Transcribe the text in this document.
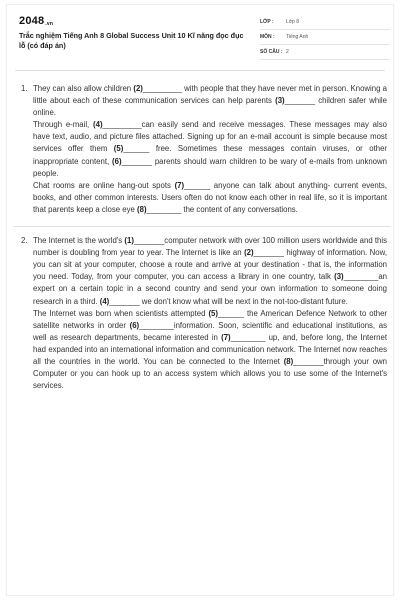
2048.vn
Trắc nghiệm Tiếng Anh 8 Global Success Unit 10 Kĩ năng đọc đục lỗ (có đáp án)
LỚP :	Lớp 8
MÔN :	Tiếng Anh
SỐ CÂU : 2
1. They can also allow children (2)_________ with people that they have never met in person. Knowing a little about each of these communication services can help parents (3)_______ children safer while online.

Through e-mail, (4)_________can easily send and receive messages. These messages may also have text, audio, and picture files attached. Signing up for an e-mail account is simple because most services offer them (5)______ free. Sometimes these messages contain viruses, or other inappropriate content, (6)_______ parents should warn children to be wary of e-mails from unknown people.

Chat rooms are online hang-out spots (7)______ anyone can talk about anything- current events, books, and other common interests. Users often do not know each other in real life, so it is important that parents keep a close eye (8)________ the content of any conversations.

2. The Internet is the world's (1)_______computer network with over 100 million users worldwide and this number is doubling from year to year. The Internet is like an (2)_______ highway of information. Now, you can sit at your computer, choose a route and arrive at your destination - that is, the information you need. Today, from your computer, you can access a library in one country, talk (3)________an expert on a certain topic in a second country and send your own information to someone doing research in a third. (4)_______ we don't know what will be next in the not-too-distant future.

The Internet was born when scientists attempted (5)______ the American Defence Network to other satellite networks in order (6)________information. Soon, scientific and educational institutions, as well as research departments, became interested in (7)________ up, and, before long, the Internet had expanded into an international information and communication network. The Internet now reaches all the countries in the world. You can be connected to the Internet (8)_______through your own Computer or you can hook up to an access system which allows you to use some of the Internet's services.
